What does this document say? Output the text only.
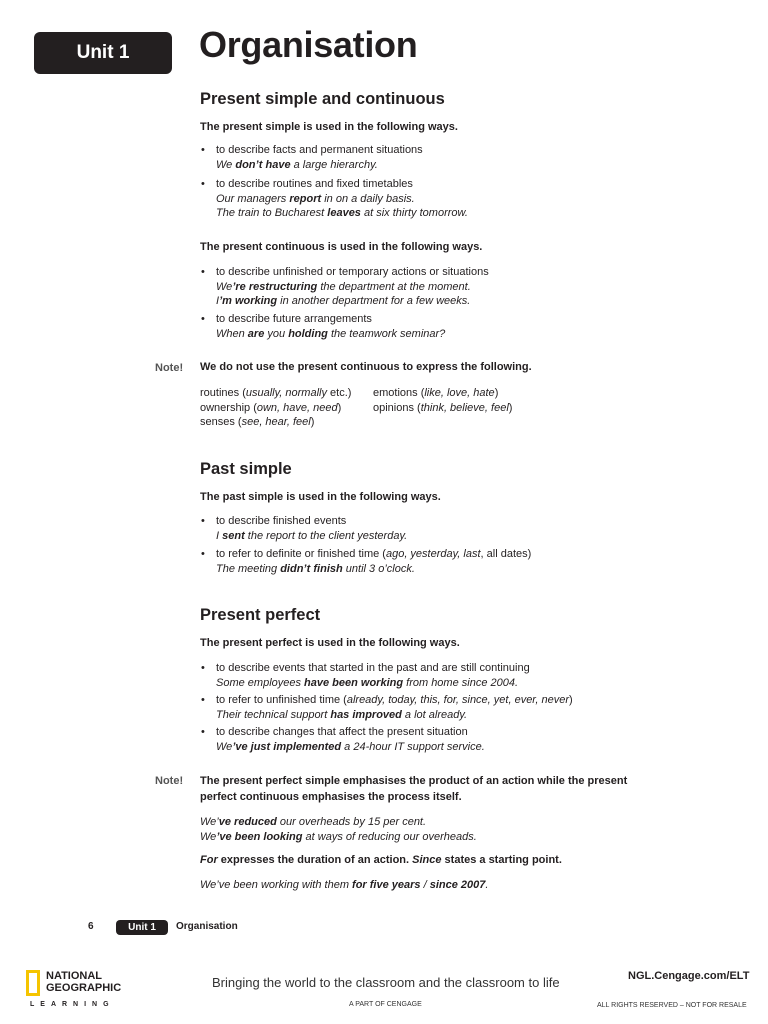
Unit 1 Organisation
Present simple and continuous
The present simple is used in the following ways.
• to describe facts and permanent situations
We don’t have a large hierarchy.
• to describe routines and fixed timetables
Our managers report in on a daily basis.
The train to Bucharest leaves at six thirty tomorrow.
The present continuous is used in the following ways.
• to describe unfinished or temporary actions or situations
We’re restructuring the department at the moment.
I’m working in another department for a few weeks.
• to describe future arrangements
When are you holding the teamwork seminar?
Note! We do not use the present continuous to express the following.
routines (usually, normally etc.)
ownership (own, have, need)
senses (see, hear, feel)
emotions (like, love, hate)
opinions (think, believe, feel)
Past simple
The past simple is used in the following ways.
• to describe finished events
I sent the report to the client yesterday.
• to refer to definite or finished time (ago, yesterday, last, all dates)
The meeting didn’t finish until 3 o’clock.
Present perfect
The present perfect is used in the following ways.
• to describe events that started in the past and are still continuing
Some employees have been working from home since 2004.
• to refer to unfinished time (already, today, this, for, since, yet, ever, never)
Their technical support has improved a lot already.
• to describe changes that affect the present situation
We’ve just implemented a 24-hour IT support service.
Note! The present perfect simple emphasises the product of an action while the present perfect continuous emphasises the process itself.
We’ve reduced our overheads by 15 per cent.
We’ve been looking at ways of reducing our overheads.
For expresses the duration of an action. Since states a starting point.
We’ve been working with them for five years / since 2007.
6	Unit 1	Organisation
NATIONAL
GEOGRAPHIC
LEARNING
Bringing the world to the classroom and the classroom to life
A PART OF CENGAGE
NGL.Cengage.com/ELT
ALL RIGHTS RESERVED – NOT FOR RESALE
